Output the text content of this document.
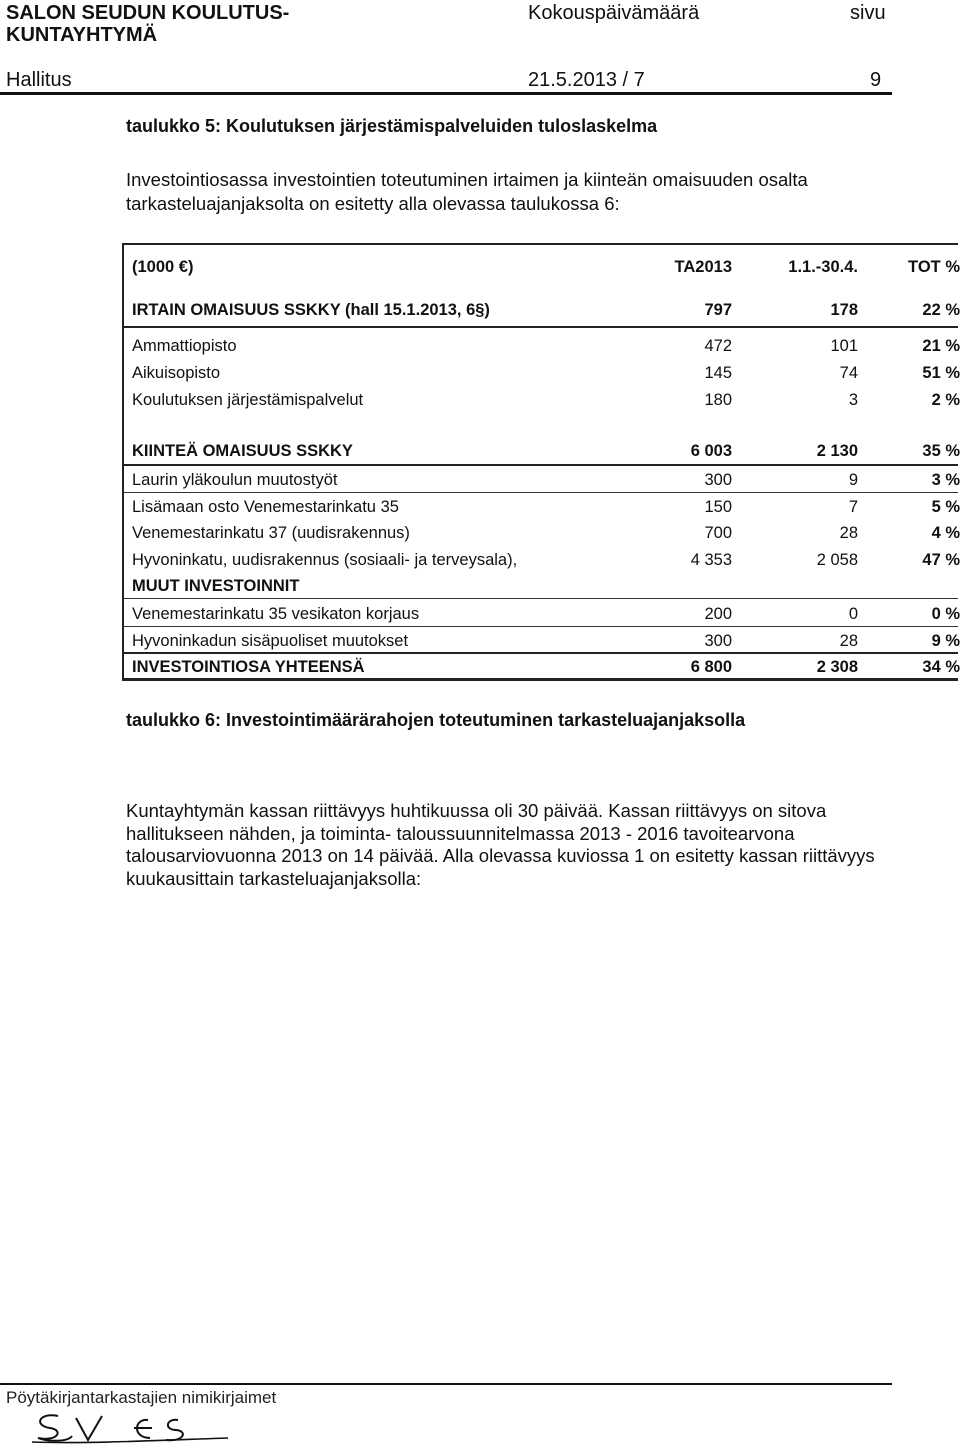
SALON SEUDUN KOULUTUS-
KUNTAYHTYMÄ
Kokouspäivämäärä	sivu
Hallitus	21.5.2013 / 7	9
taulukko 5: Koulutuksen järjestämispalveluiden tuloslaskelma
Investointiosassa investointien toteutuminen irtaimen ja kiinteän omaisuuden osalta tarkasteluajanjaksolta on esitetty alla olevassa taulukossa 6:
(1000 €)	TA2013	1.1.-30.4.	TOT %
IRTAIN OMAISUUS SSKKY (hall 15.1.2013, 6§)	797	178	22 %
Ammattiopisto	472	101	21 %
Aikuisopisto	145	74	51 %
Koulutuksen järjestämispalvelut	180	3	2 %
KIINTEÄ OMAISUUS SSKKY	6 003	2 130	35 %
Laurin yläkoulun muutostyöt	300	9	3 %
Lisämaan osto Venemestarinkatu 35	150	7	5 %
Venemestarinkatu 37 (uudisrakennus)	700	28	4 %
Hyvoninkatu, uudisrakennus (sosiaali- ja terveysala),	4 353	2 058	47 %
MUUT INVESTOINNIT
Venemestarinkatu 35 vesikaton korjaus	200	0	0 %
Hyvoninkadun sisäpuoliset muutokset	300	28	9 %
INVESTOINTIOSA YHTEENSÄ	6 800	2 308	34 %
taulukko 6: Investointimäärärahojen toteutuminen tarkasteluajanjaksolla
Kuntayhtymän kassan riittävyys huhtikuussa oli 30 päivää. Kassan riittävyys on sitova hallitukseen nähden, ja toiminta- taloussuunnitelmassa 2013 - 2016 tavoitearvona talousarviovuonna 2013 on 14 päivää. Alla olevassa kuviossa 1 on esitetty kassan riittävyys kuukausittain tarkasteluajanjaksolla:
Pöytäkirjantarkastajien nimikirjaimet
